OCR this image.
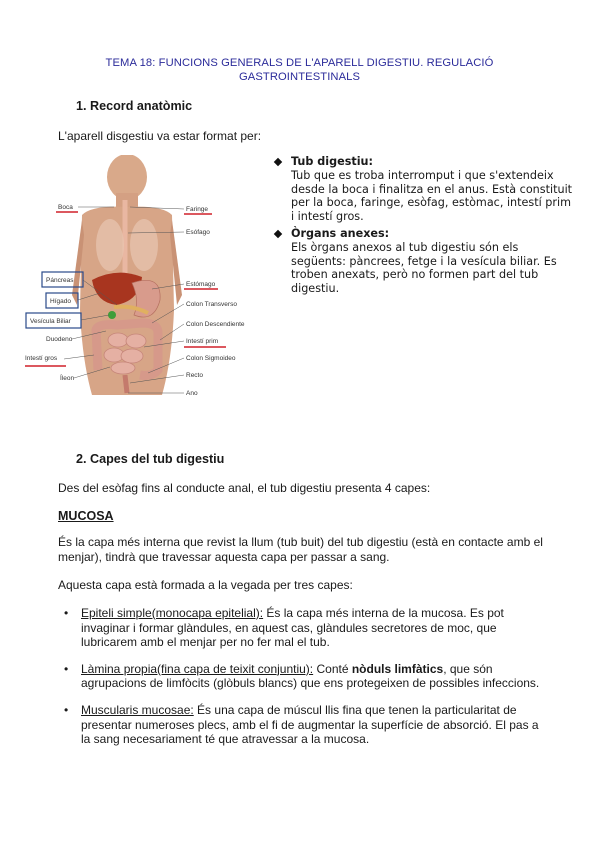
TEMA 18: FUNCIONS GENERALS DE L'APARELL DIGESTIU. REGULACIÓ
GASTROINTESTINALS
1. Record anatòmic
L'aparell disgestiu va estar format per:
Boca
Páncreas
Hígado
Vesícula Biliar
Duodeno
Intestí gros
Íleon
Faringe
Esófago
Estómago
Colon Transverso
Colon Descendiente
Intestí prim
Colon Sigmoideo
Recto
Ano
Tub digestiu:
Tub que es troba interromput i que s'extendeix desde la boca i finalitza en el anus. Està constituit per la boca, faringe, esòfag, estòmac, intestí prim i intestí gros.
Òrgans anexes:
Els òrgans anexos al tub digestiu són els següents: pàncrees, fetge i la vesícula biliar. Es troben anexats, però no formen part del tub digestiu.
2. Capes del tub digestiu
Des del esòfag fins al conducte anal, el tub digestiu presenta 4 capes:
MUCOSA
És la capa més interna que revist la llum (tub buit) del tub digestiu (està en contacte amb el menjar), tindrà que travessar aquesta capa per passar a sang.
Aquesta capa està formada a la vegada per tres capes:
• Epiteli simple(monocapa epitelial): És la capa més interna de la mucosa. Es pot invaginar i formar glàndules, en aquest cas, glàndules secretores de moc, que lubricarem amb el menjar per no fer mal el tub.
• Làmina propia(fina capa de teixit conjuntiu): Conté nòduls limfàtics, que són agrupacions de limfòcits (glòbuls blancs) que ens protegeixen de possibles infeccions.
• Muscularis mucosae: És una capa de múscul llis fina que tenen la particularitat de presentar numeroses plecs, amb el fi de augmentar la superfície de absorció. El pas a la sang necesariament té que atravessar a la mucosa.
